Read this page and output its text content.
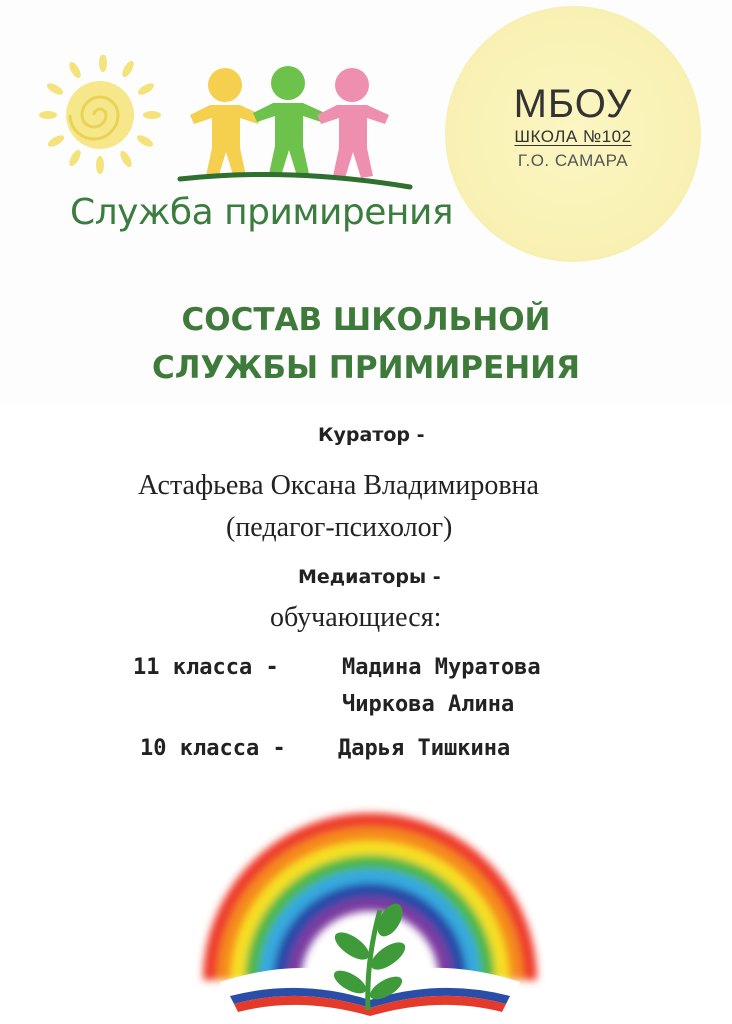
Служба примирения
МБОУ
ШКОЛА №102
Г.О. САМАРА
СОСТАВ ШКОЛЬНОЙ
СЛУЖБЫ ПРИМИРЕНИЯ
Куратор -
Астафьева Оксана Владимировна
(педагог-психолог)
Медиаторы -
обучающиеся:
11 класса -	Мадина Муратова
Чиркова Алина
10 класса - Дарья Тишкина
